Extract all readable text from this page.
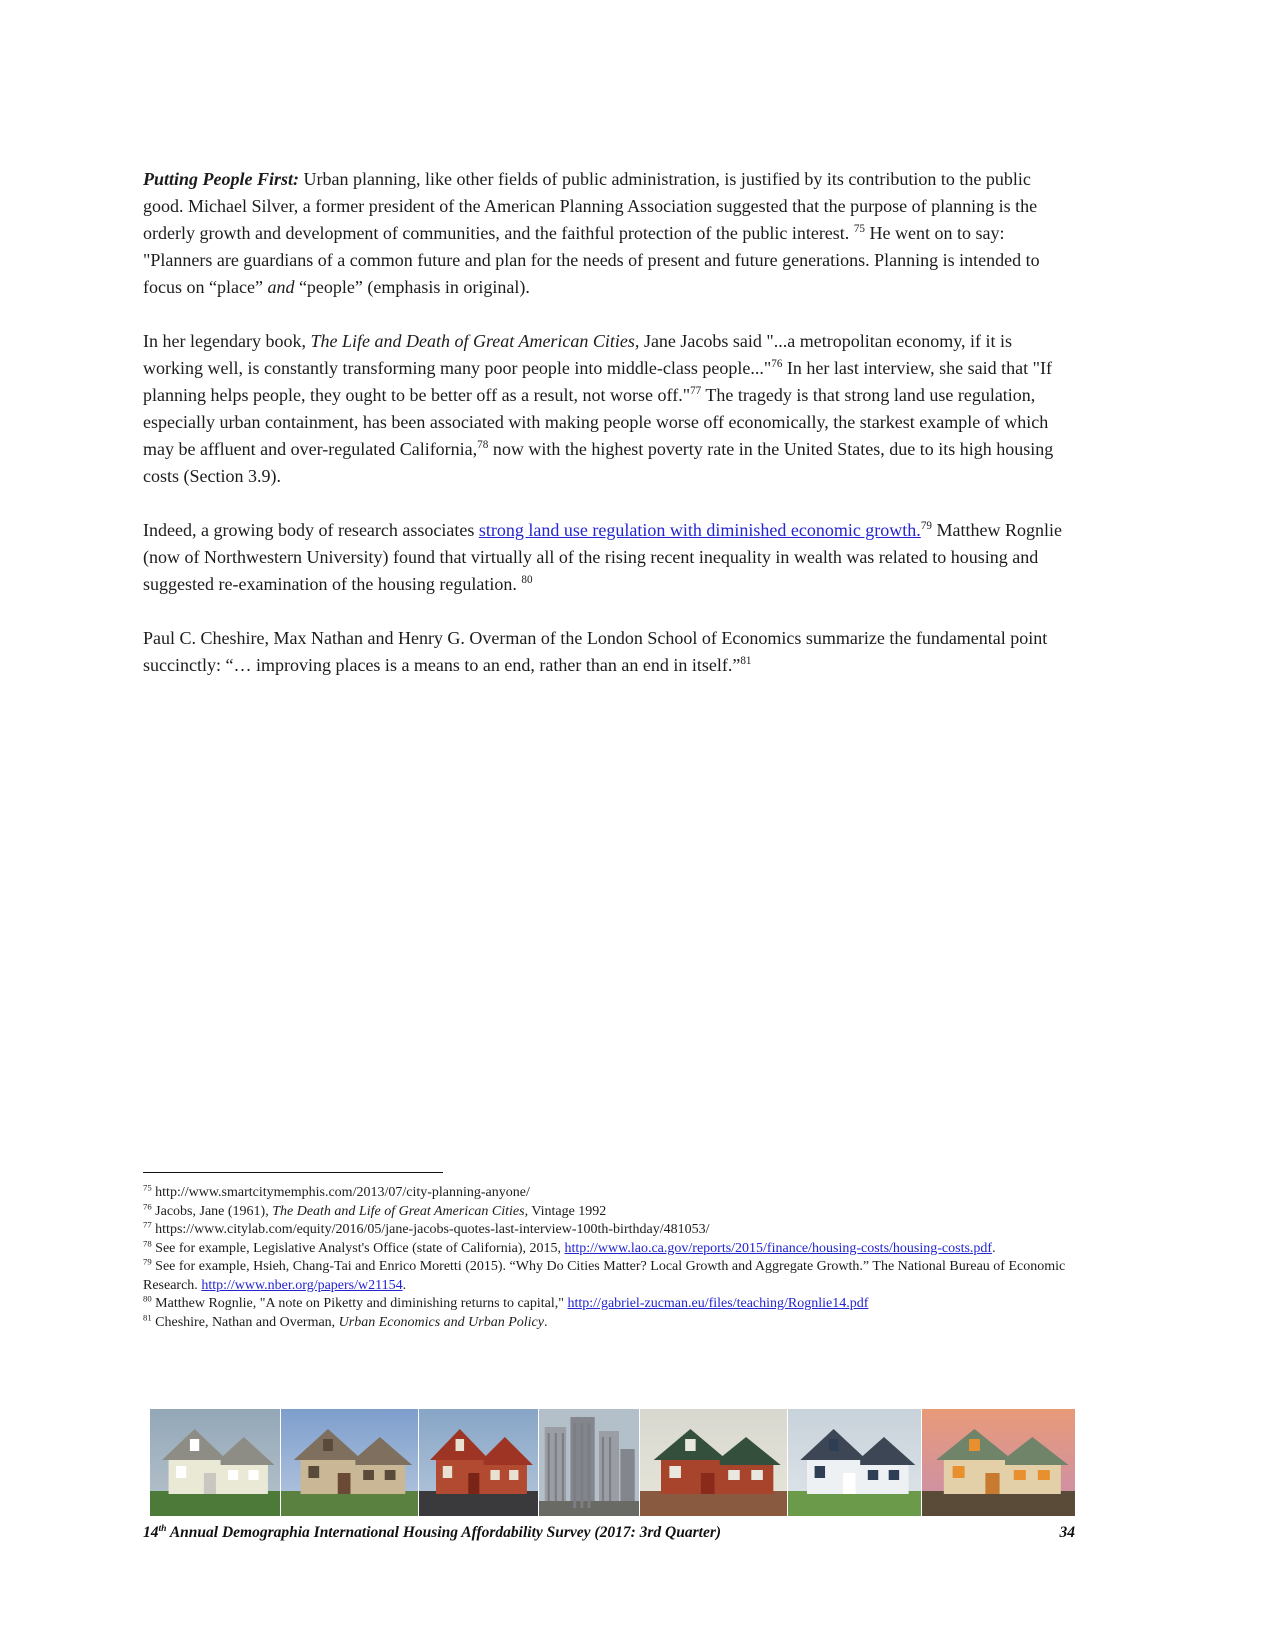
Putting People First: Urban planning, like other fields of public administration, is justified by its contribution to the public good. Michael Silver, a former president of the American Planning Association suggested that the purpose of planning is the orderly growth and development of communities, and the faithful protection of the public interest. $^{75}$ He went on to say: "Planners are guardians of a common future and plan for the needs of present and future generations. Planning is intended to focus on “place” and “people” (emphasis in original).

In her legendary book, The Life and Death of Great American Cities, Jane Jacobs said "...a metropolitan economy, if it is working well, is constantly transforming many poor people into middle-class people..."$^{76}$ In her last interview, she said that "If planning helps people, they ought to be better off as a result, not worse off."$^{77}$ The tragedy is that strong land use regulation, especially urban containment, has been associated with making people worse off economically, the starkest example of which may be affluent and over-regulated California,$^{78}$ now with the highest poverty rate in the United States, due to its high housing costs (Section 3.9).

Indeed, a growing body of research associates strong land use regulation with diminished economic growth.$^{79}$ Matthew Rognlie (now of Northwestern University) found that virtually all of the rising recent inequality in wealth was related to housing and suggested re-examination of the housing regulation. $^{80}$

Paul C. Cheshire, Max Nathan and Henry G. Overman of the London School of Economics summarize the fundamental point succinctly: “… improving places is a means to an end, rather than an end in itself.”$^{81}$

$^{75}$ http://www.smartcitymemphis.com/2013/07/city-planning-anyone/
$^{76}$ Jacobs, Jane (1961), The Death and Life of Great American Cities, Vintage 1992
$^{77}$ https://www.citylab.com/equity/2016/05/jane-jacobs-quotes-last-interview-100th-birthday/481053/
$^{78}$ See for example, Legislative Analyst's Office (state of California), 2015, http://www.lao.ca.gov/reports/2015/finance/housing-costs/housing-costs.pdf.
$^{79}$ See for example, Hsieh, Chang-Tai and Enrico Moretti (2015). “Why Do Cities Matter? Local Growth and Aggregate Growth.” The National Bureau of Economic Research. http://www.nber.org/papers/w21154.
$^{80}$ Matthew Rognlie, "A note on Piketty and diminishing returns to capital," http://gabriel-zucman.eu/files/teaching/Rognlie14.pdf
$^{81}$ Cheshire, Nathan and Overman, Urban Economics and Urban Policy.
14th Annual Demographia International Housing Affordability Survey (2017: 3rd Quarter)	34
